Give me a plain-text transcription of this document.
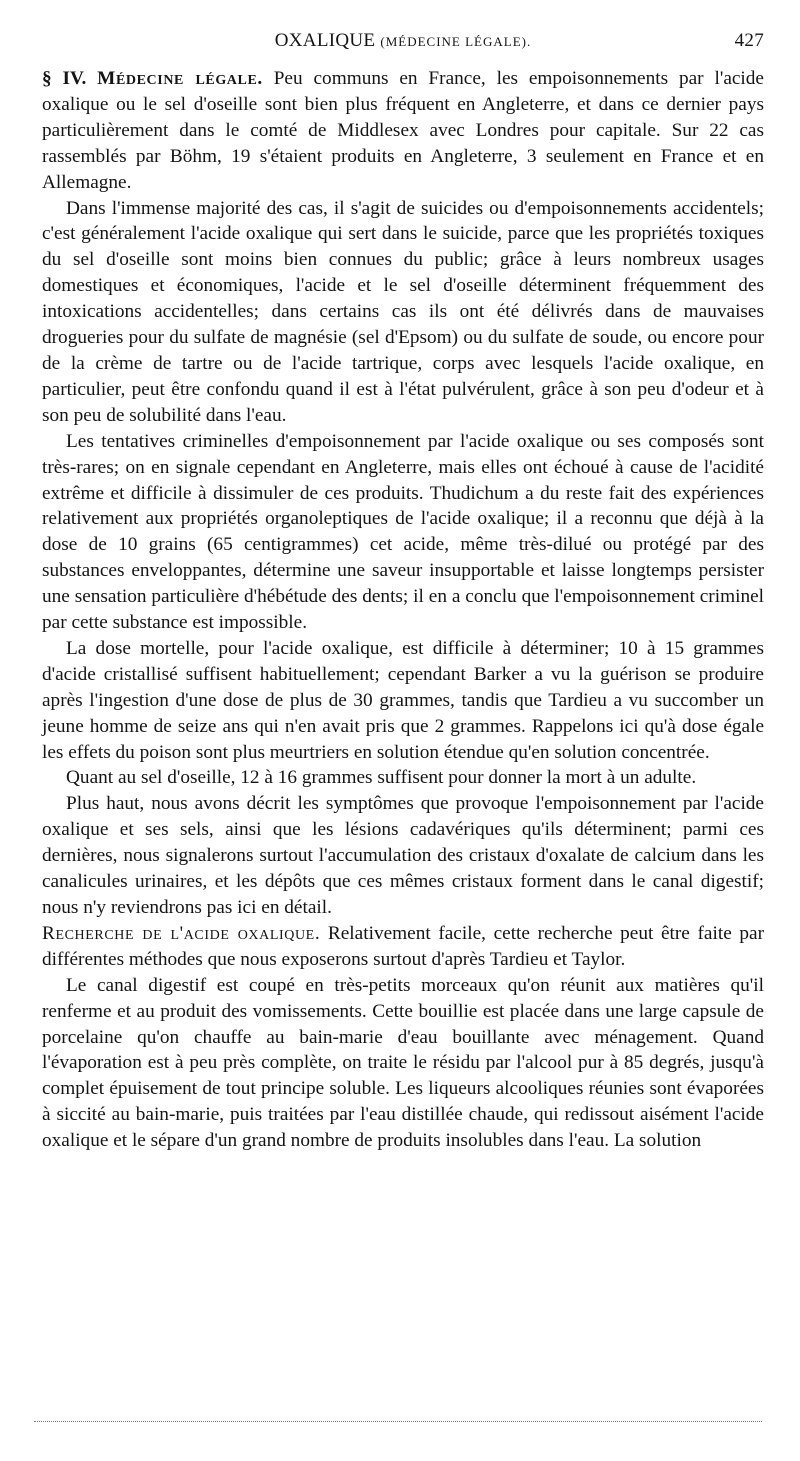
OXALIQUE (MÉDECINE LÉGALE).	427

§ IV. Médecine légale. Peu communs en France, les empoisonnements par l'acide oxalique ou le sel d'oseille sont bien plus fréquent en Angleterre, et dans ce dernier pays particulièrement dans le comté de Middlesex avec Londres pour capitale. Sur 22 cas rassemblés par Böhm, 19 s'étaient produits en Angleterre, 3 seulement en France et en Allemagne.

Dans l'immense majorité des cas, il s'agit de suicides ou d'empoisonnements accidentels; c'est généralement l'acide oxalique qui sert dans le suicide, parce que les propriétés toxiques du sel d'oseille sont moins bien connues du public; grâce à leurs nombreux usages domestiques et économiques, l'acide et le sel d'oseille déterminent fréquemment des intoxications accidentelles; dans certains cas ils ont été délivrés dans de mauvaises drogueries pour du sulfate de magnésie (sel d'Epsom) ou du sulfate de soude, ou encore pour de la crème de tartre ou de l'acide tartrique, corps avec lesquels l'acide oxalique, en particulier, peut être confondu quand il est à l'état pulvérulent, grâce à son peu d'odeur et à son peu de solubilité dans l'eau.

Les tentatives criminelles d'empoisonnement par l'acide oxalique ou ses composés sont très-rares; on en signale cependant en Angleterre, mais elles ont échoué à cause de l'acidité extrême et difficile à dissimuler de ces produits. Thudichum a du reste fait des expériences relativement aux propriétés organoleptiques de l'acide oxalique; il a reconnu que déjà à la dose de 10 grains (65 centigrammes) cet acide, même très-dilué ou protégé par des substances enveloppantes, détermine une saveur insupportable et laisse longtemps persister une sensation particulière d'hébétude des dents; il en a conclu que l'empoisonnement criminel par cette substance est impossible.

La dose mortelle, pour l'acide oxalique, est difficile à déterminer; 10 à 15 grammes d'acide cristallisé suffisent habituellement; cependant Barker a vu la guérison se produire après l'ingestion d'une dose de plus de 30 grammes, tandis que Tardieu a vu succomber un jeune homme de seize ans qui n'en avait pris que 2 grammes. Rappelons ici qu'à dose égale les effets du poison sont plus meurtriers en solution étendue qu'en solution concentrée.

Quant au sel d'oseille, 12 à 16 grammes suffisent pour donner la mort à un adulte.

Plus haut, nous avons décrit les symptômes que provoque l'empoisonnement par l'acide oxalique et ses sels, ainsi que les lésions cadavériques qu'ils déterminent; parmi ces dernières, nous signalerons surtout l'accumulation des cristaux d'oxalate de calcium dans les canalicules urinaires, et les dépôts que ces mêmes cristaux forment dans le canal digestif; nous n'y reviendrons pas ici en détail.

Recherche de l'acide oxalique. Relativement facile, cette recherche peut être faite par différentes méthodes que nous exposerons surtout d'après Tardieu et Taylor.

Le canal digestif est coupé en très-petits morceaux qu'on réunit aux matières qu'il renferme et au produit des vomissements. Cette bouillie est placée dans une large capsule de porcelaine qu'on chauffe au bain-marie d'eau bouillante avec ménagement. Quand l'évaporation est à peu près complète, on traite le résidu par l'alcool pur à 85 degrés, jusqu'à complet épuisement de tout principe soluble. Les liqueurs alcooliques réunies sont évaporées à siccité au bain-marie, puis traitées par l'eau distillée chaude, qui redissout aisément l'acide oxalique et le sépare d'un grand nombre de produits insolubles dans l'eau. La solution
